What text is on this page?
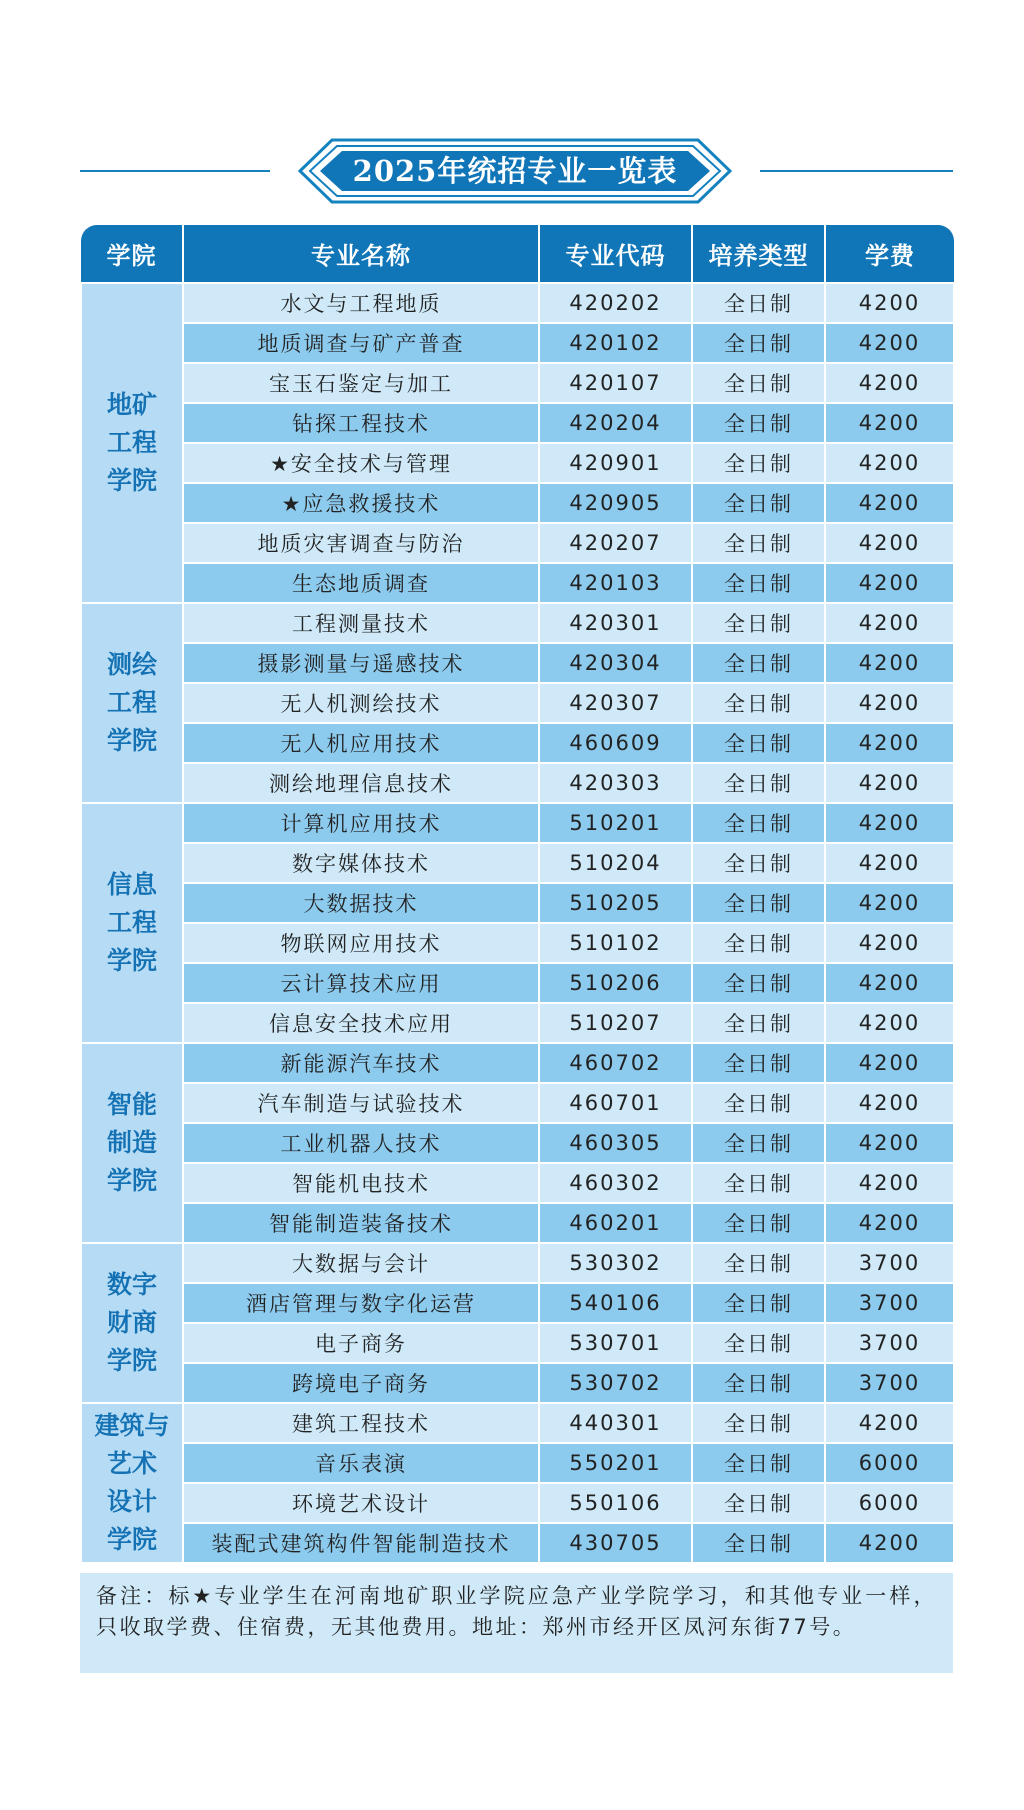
2025年统招专业一览表
学院	专业名称	专业代码	培养类型	学费

地矿
工程
学院	水文与工程地质	420202	全日制	4200
	地质调查与矿产普查	420102	全日制	4200
	宝玉石鉴定与加工	420107	全日制	4200
	钻探工程技术	420204	全日制	4200
	★安全技术与管理	420901	全日制	4200
	★应急救援技术	420905	全日制	4200
	地质灾害调查与防治	420207	全日制	4200
	生态地质调查	420103	全日制	4200

测绘
工程
学院	工程测量技术	420301	全日制	4200
	摄影测量与遥感技术	420304	全日制	4200
	无人机测绘技术	420307	全日制	4200
	无人机应用技术	460609	全日制	4200
	测绘地理信息技术	420303	全日制	4200

信息
工程
学院	计算机应用技术	510201	全日制	4200
	数字媒体技术	510204	全日制	4200
	大数据技术	510205	全日制	4200
	物联网应用技术	510102	全日制	4200
	云计算技术应用	510206	全日制	4200
	信息安全技术应用	510207	全日制	4200

智能
制造
学院	新能源汽车技术	460702	全日制	4200
	汽车制造与试验技术	460701	全日制	4200
	工业机器人技术	460305	全日制	4200
	智能机电技术	460302	全日制	4200
	智能制造装备技术	460201	全日制	4200

数字
财商
学院	大数据与会计	530302	全日制	3700
	酒店管理与数字化运营	540106	全日制	3700
	电子商务	530701	全日制	3700
	跨境电子商务	530702	全日制	3700

建筑与
艺术
设计
学院	建筑工程技术	440301	全日制	4200
	音乐表演	550201	全日制	6000
	环境艺术设计	550106	全日制	6000
	装配式建筑构件智能制造技术	430705	全日制	4200
备注：标★专业学生在河南地矿职业学院应急产业学院学习，和其他专业一样，只收取学费、住宿费，无其他费用。地址：郑州市经开区凤河东街77号。
